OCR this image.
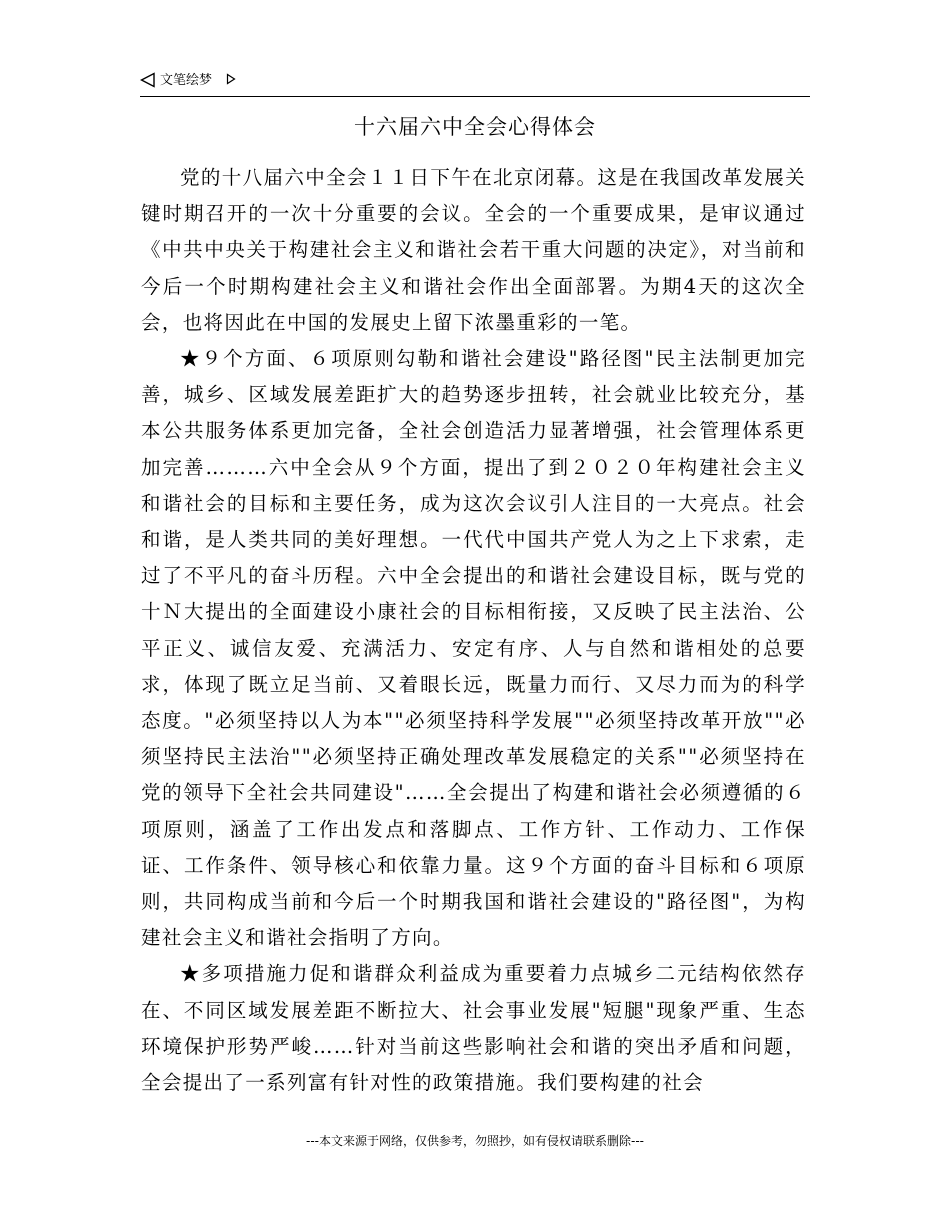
文笔绘梦
十六届六中全会心得体会

党的十八届六中全会１１日下午在北京闭幕。这是在我国改革发展关键时期召开的一次十分重要的会议。全会的一个重要成果，是审议通过《中共中央关于构建社会主义和谐社会若干重大问题的决定》，对当前和今后一个时期构建社会主义和谐社会作出全面部署。为期4天的这次全会，也将因此在中国的发展史上留下浓墨重彩的一笔。

★９个方面、６项原则勾勒和谐社会建设"路径图"民主法制更加完善，城乡、区域发展差距扩大的趋势逐步扭转，社会就业比较充分，基本公共服务体系更加完备，全社会创造活力显著增强，社会管理体系更加完善………六中全会从９个方面，提出了到２０２０年构建社会主义和谐社会的目标和主要任务，成为这次会议引人注目的一大亮点。社会和谐，是人类共同的美好理想。一代代中国共产党人为之上下求索，走过了不平凡的奋斗历程。六中全会提出的和谐社会建设目标，既与党的十Ｎ大提出的全面建设小康社会的目标相衔接，又反映了民主法治、公平正义、诚信友爱、充满活力、安定有序、人与自然和谐相处的总要求，体现了既立足当前、又着眼长远，既量力而行、又尽力而为的科学态度。"必须坚持以人为本""必须坚持科学发展""必须坚持改革开放""必须坚持民主法治""必须坚持正确处理改革发展稳定的关系""必须坚持在党的领导下全社会共同建设"……全会提出了构建和谐社会必须遵循的６项原则，涵盖了工作出发点和落脚点、工作方针、工作动力、工作保证、工作条件、领导核心和依靠力量。这９个方面的奋斗目标和６项原则，共同构成当前和今后一个时期我国和谐社会建设的"路径图"，为构建社会主义和谐社会指明了方向。

★多项措施力促和谐群众利益成为重要着力点城乡二元结构依然存在、不同区域发展差距不断拉大、社会事业发展"短腿"现象严重、生态环境保护形势严峻……针对当前这些影响社会和谐的突出矛盾和问题，全会提出了一系列富有针对性的政策措施。我们要构建的社会

---本文来源于网络，仅供参考，勿照抄，如有侵权请联系删除---
